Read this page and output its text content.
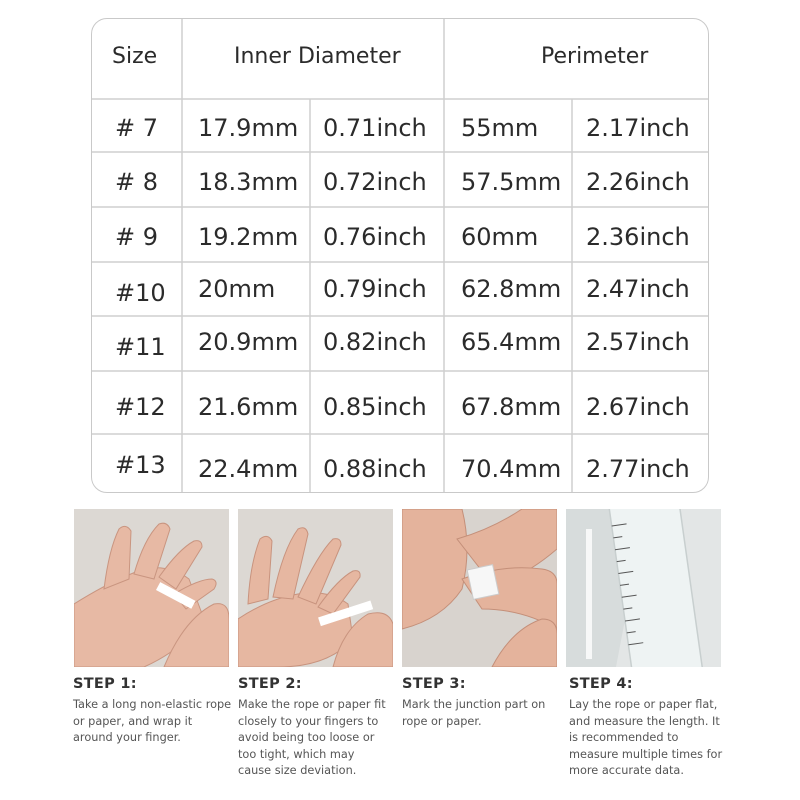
Size	Inner Diameter	Perimeter
# 7 17.9mm 0.71inch 55mm 2.17inch
# 8 18.3mm 0.72inch 57.5mm 2.26inch
# 9 19.2mm 0.76inch 60mm 2.36inch
#10 20mm 0.79inch 62.8mm 2.47inch
#11 20.9mm 0.82inch 65.4mm 2.57inch
#12 21.6mm 0.85inch 67.8mm 2.67inch
#13 22.4mm 0.88inch 70.4mm 2.77inch
STEP 1:
Take a long non-elastic rope or paper, and wrap it around your finger.
STEP 2:
Make the rope or paper fit closely to your fingers to avoid being too loose or too tight, which may cause size deviation.
STEP 3:
Mark the junction part on rope or paper.
STEP 4:
Lay the rope or paper flat, and measure the length. It is recommended to measure multiple times for more accurate data.
